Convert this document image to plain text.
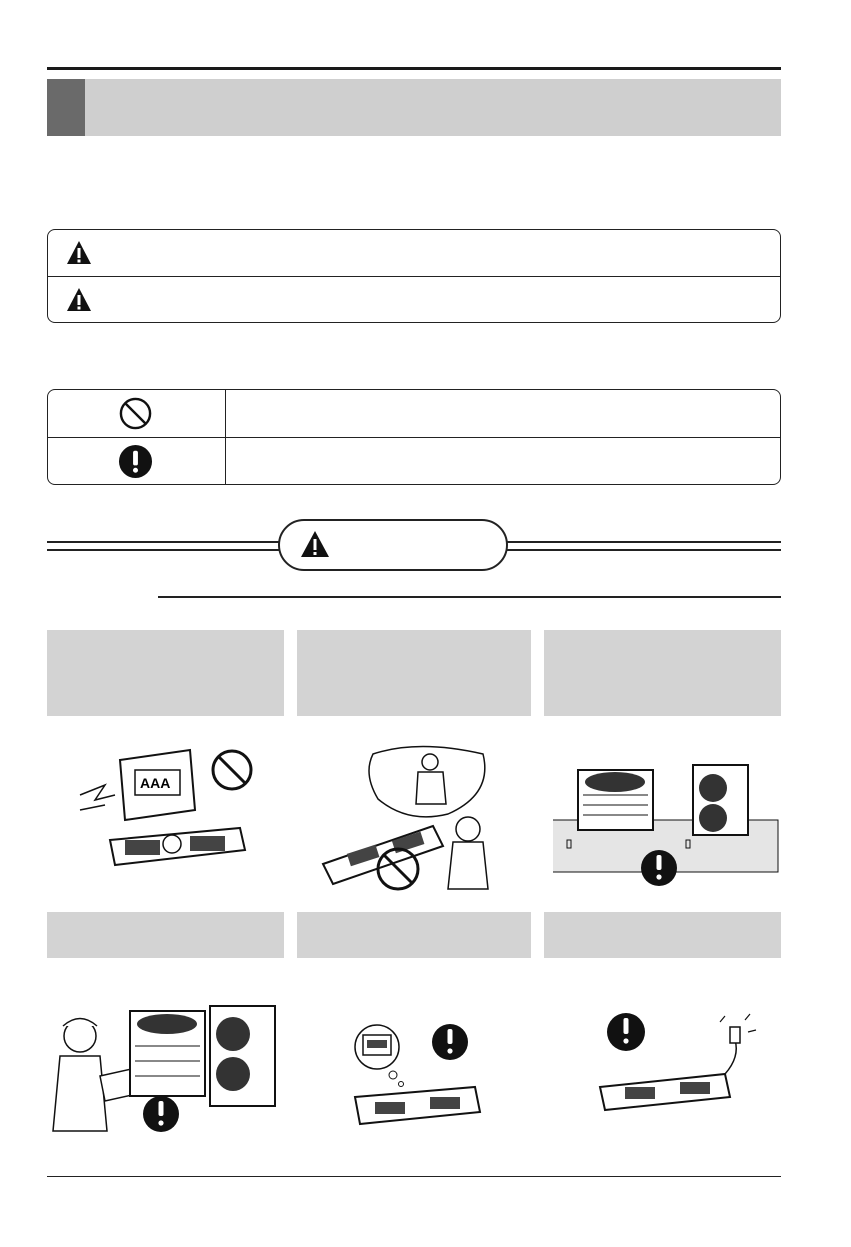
AAA
